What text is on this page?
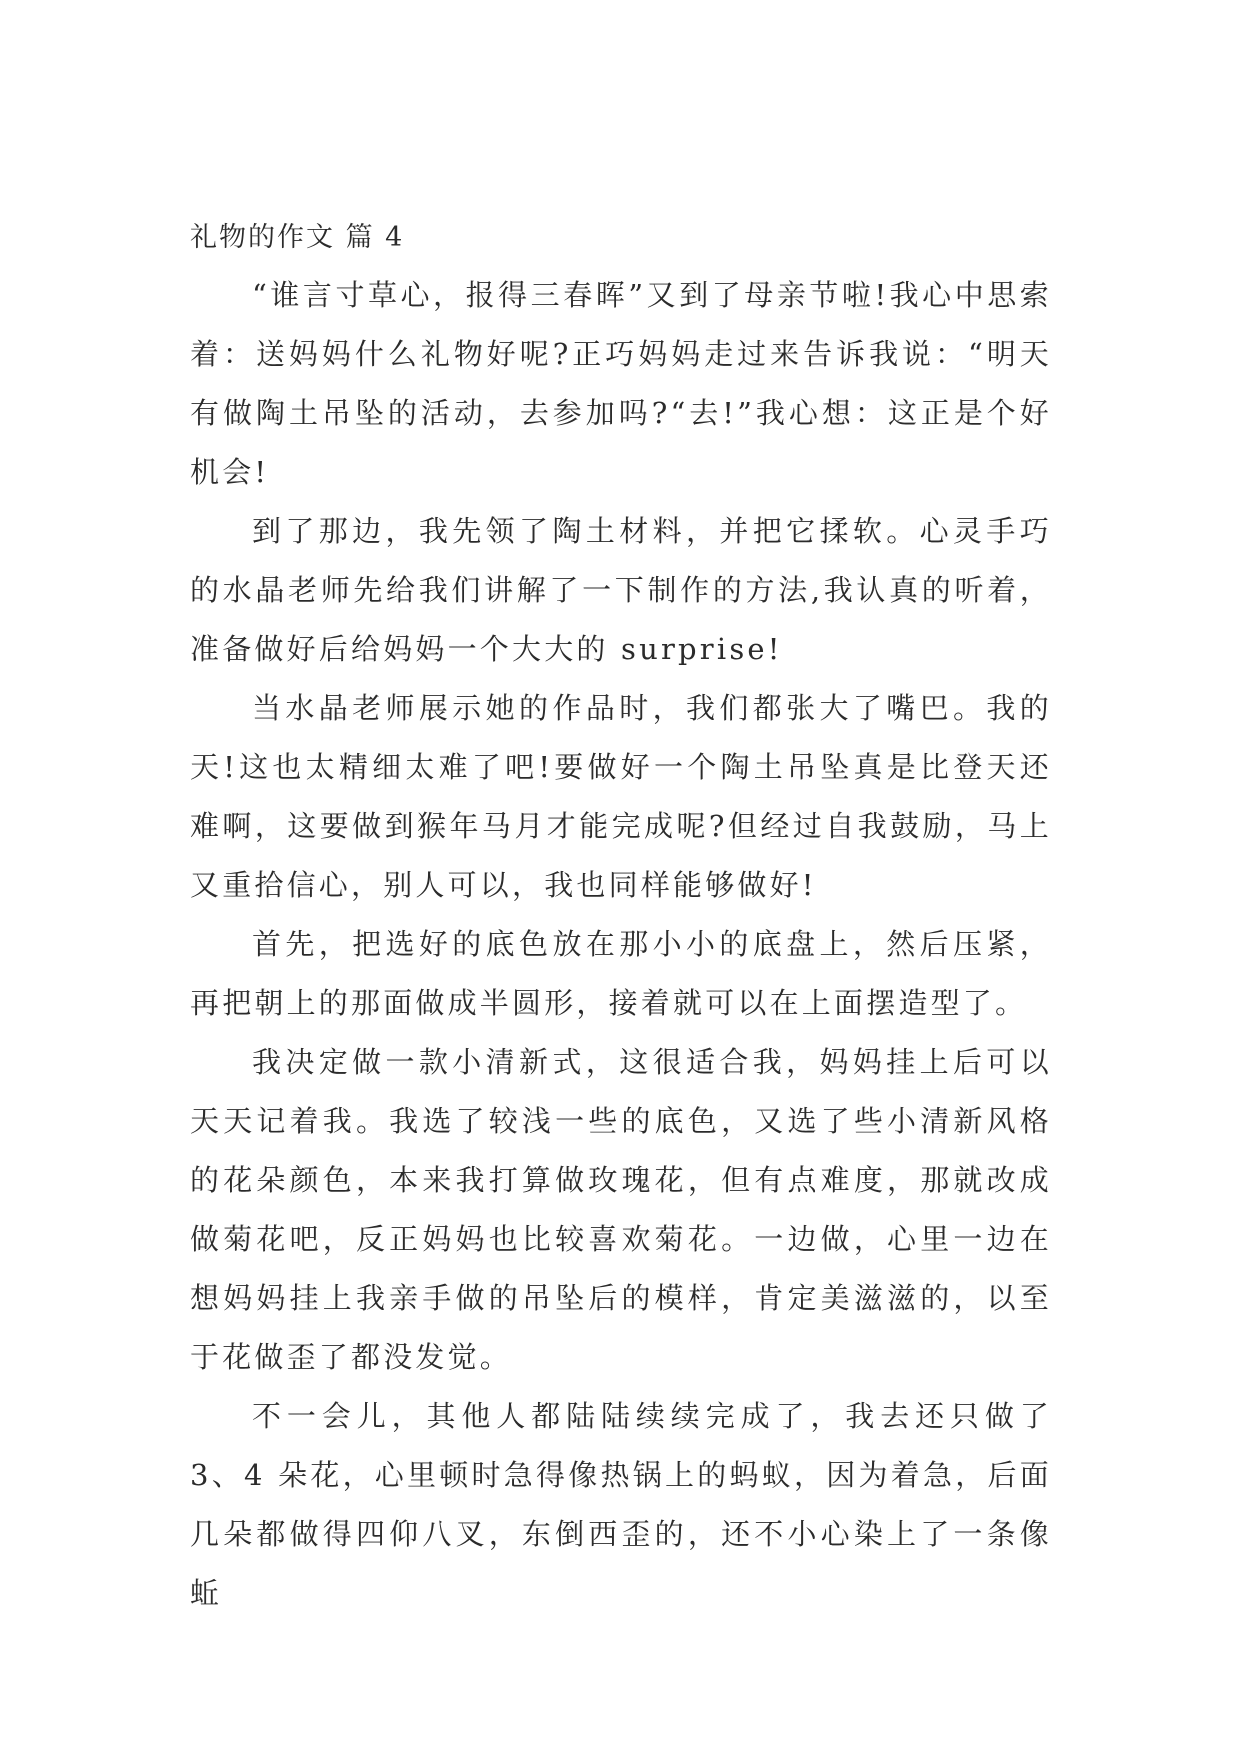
礼物的作文 篇 4

“谁言寸草心，报得三春晖”又到了母亲节啦!我心中思索着：送妈妈什么礼物好呢?正巧妈妈走过来告诉我说：“明天有做陶土吊坠的活动，去参加吗?“去!”我心想：这正是个好机会!

到了那边，我先领了陶土材料，并把它揉软。心灵手巧的水晶老师先给我们讲解了一下制作的方法,我认真的听着，准备做好后给妈妈一个大大的 surprise!

当水晶老师展示她的作品时，我们都张大了嘴巴。我的天!这也太精细太难了吧!要做好一个陶土吊坠真是比登天还难啊，这要做到猴年马月才能完成呢?但经过自我鼓励，马上又重拾信心，别人可以，我也同样能够做好!

首先，把选好的底色放在那小小的底盘上，然后压紧，再把朝上的那面做成半圆形，接着就可以在上面摆造型了。

我决定做一款小清新式，这很适合我，妈妈挂上后可以天天记着我。我选了较浅一些的底色，又选了些小清新风格的花朵颜色，本来我打算做玫瑰花，但有点难度，那就改成做菊花吧，反正妈妈也比较喜欢菊花。一边做，心里一边在想妈妈挂上我亲手做的吊坠后的模样，肯定美滋滋的，以至于花做歪了都没发觉。

不一会儿，其他人都陆陆续续完成了，我去还只做了 3、4 朵花，心里顿时急得像热锅上的蚂蚁，因为着急，后面几朵都做得四仰八叉，东倒西歪的，还不小心染上了一条像蚯
